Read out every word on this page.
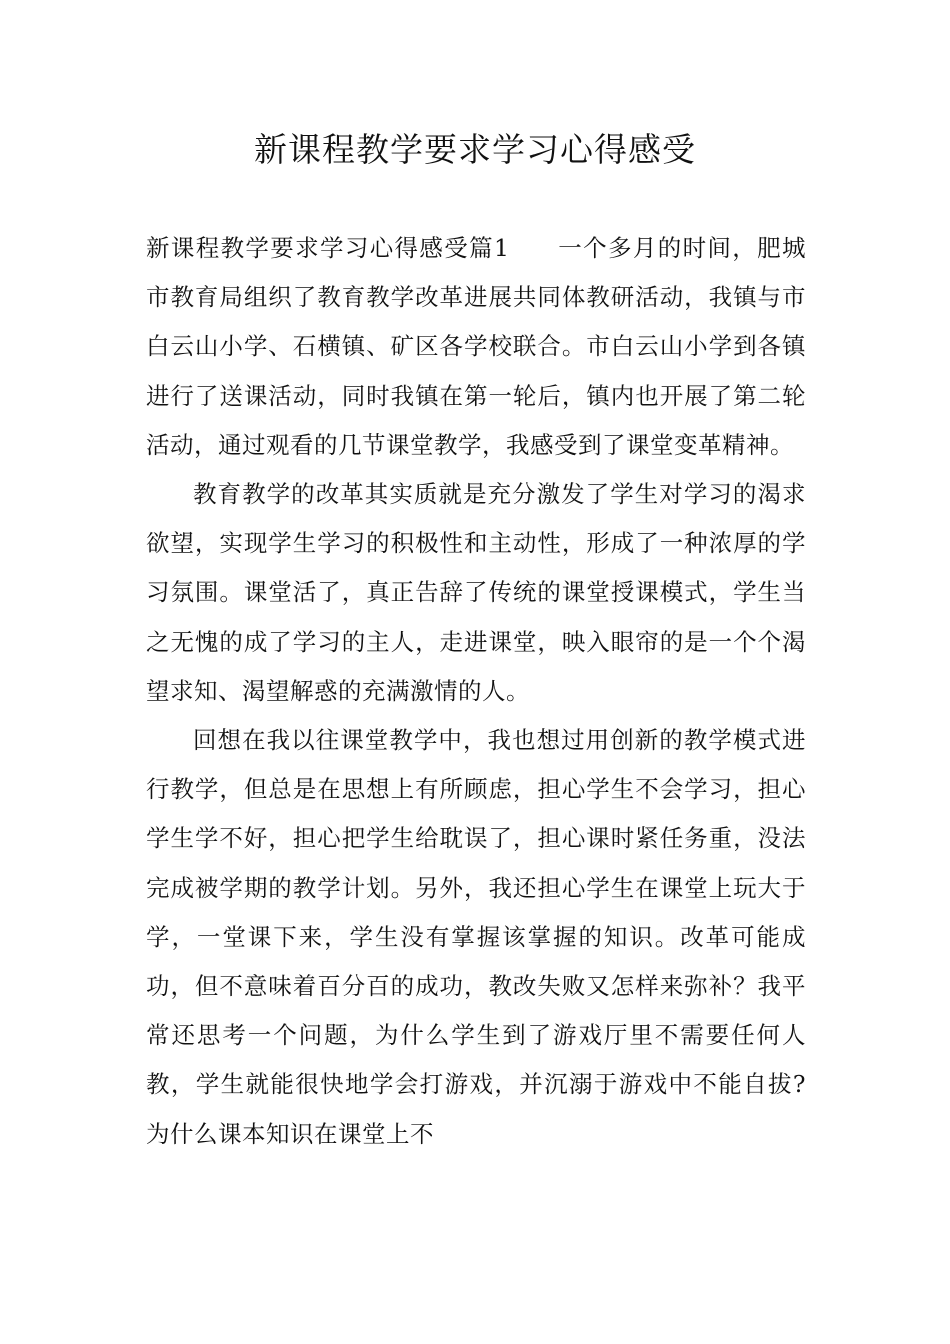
新课程教学要求学习心得感受

新课程教学要求学习心得感受篇1 一个多月的时间，肥城市教育局组织了教育教学改革进展共同体教研活动，我镇与市白云山小学、石横镇、矿区各学校联合。市白云山小学到各镇进行了送课活动，同时我镇在第一轮后，镇内也开展了第二轮活动，通过观看的几节课堂教学，我感受到了课堂变革精神。

教育教学的改革其实质就是充分激发了学生对学习的渴求欲望，实现学生学习的积极性和主动性，形成了一种浓厚的学习氛围。课堂活了，真正告辞了传统的课堂授课模式，学生当之无愧的成了学习的主人，走进课堂，映入眼帘的是一个个渴望求知、渴望解惑的充满激情的人。

回想在我以往课堂教学中，我也想过用创新的教学模式进行教学，但总是在思想上有所顾虑，担心学生不会学习，担心学生学不好，担心把学生给耽误了，担心课时紧任务重，没法完成被学期的教学计划。另外，我还担心学生在课堂上玩大于学，一堂课下来，学生没有掌握该掌握的知识。改革可能成功，但不意味着百分百的成功，教改失败又怎样来弥补？我平常还思考一个问题，为什么学生到了游戏厅里不需要任何人教，学生就能很快地学会打游戏，并沉溺于游戏中不能自拔?为什么课本知识在课堂上不
